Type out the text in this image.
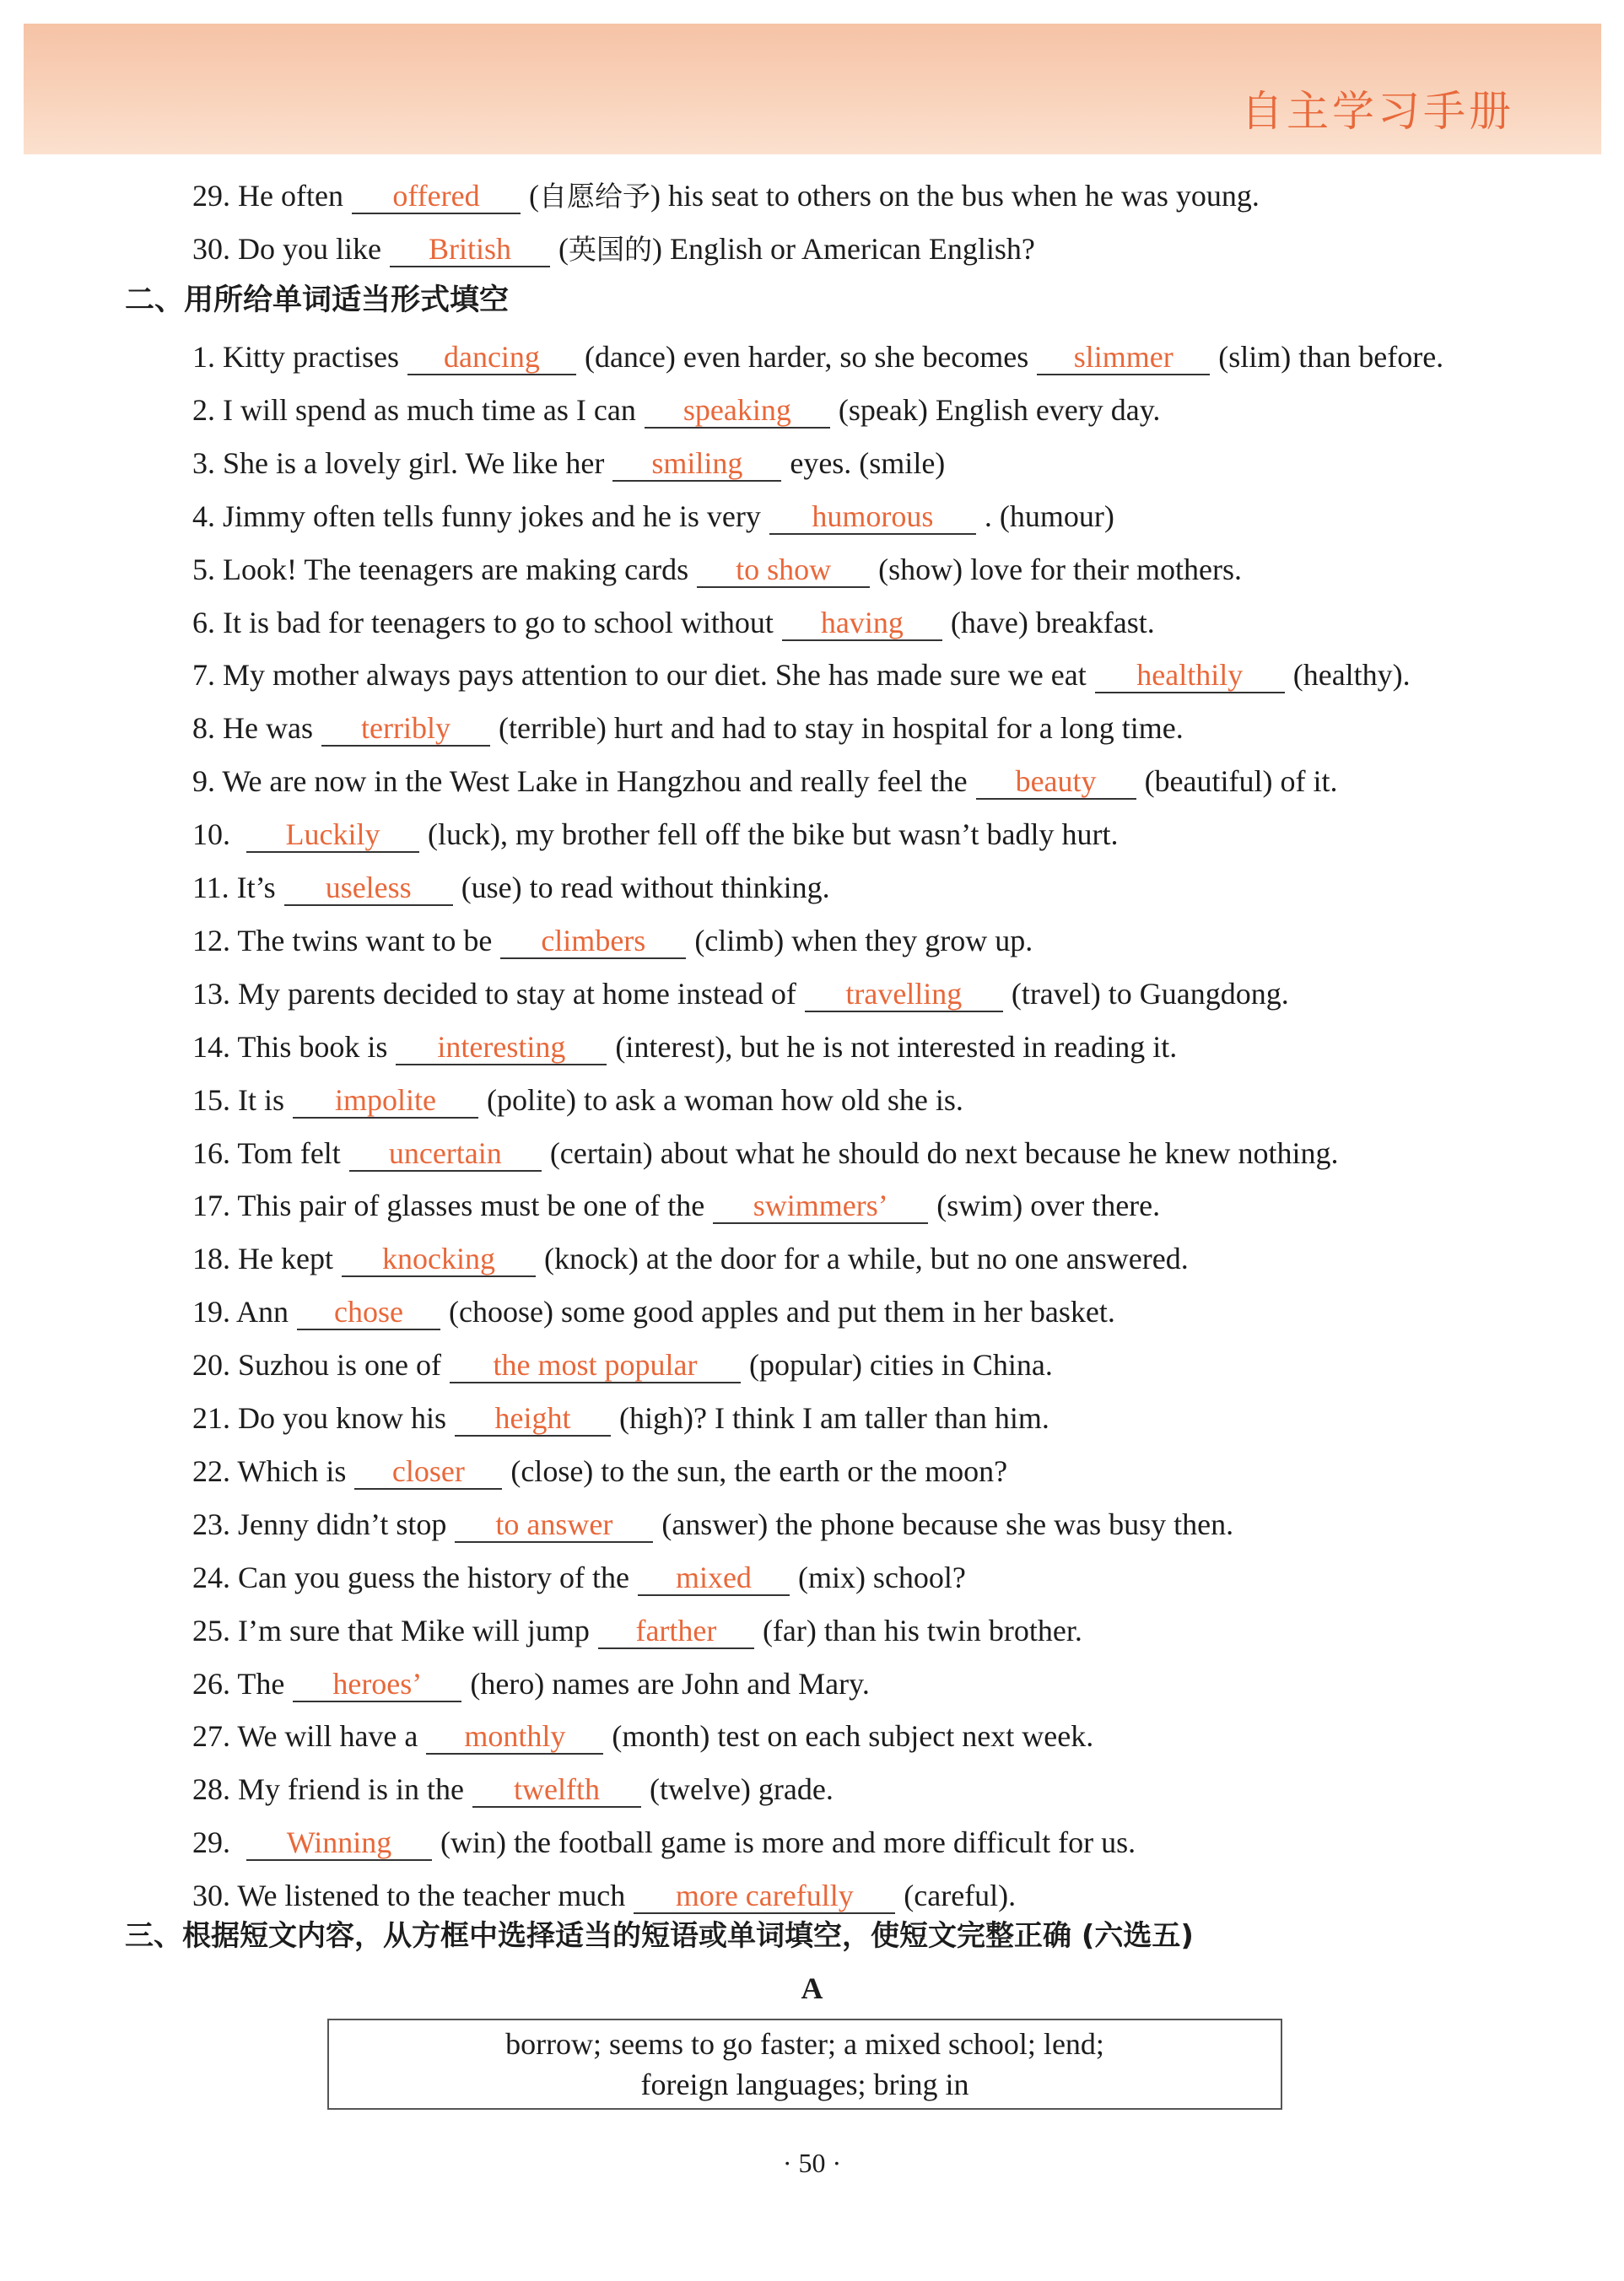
自主学习手册
29. He often offered (自愿给予) his seat to others on the bus when he was young.
30. Do you like British (英国的) English or American English?
二、用所给单词适当形式填空
1. Kitty practises dancing (dance) even harder, so she becomes slimmer (slim) than before.
2. I will spend as much time as I can speaking (speak) English every day.
3. She is a lovely girl. We like her smiling eyes. (smile)
4. Jimmy often tells funny jokes and he is very humorous . (humour)
5. Look! The teenagers are making cards to show (show) love for their mothers.
6. It is bad for teenagers to go to school without having (have) breakfast.
7. My mother always pays attention to our diet. She has made sure we eat healthily (healthy).
8. He was terribly (terrible) hurt and had to stay in hospital for a long time.
9. We are now in the West Lake in Hangzhou and really feel the beauty (beautiful) of it.
10. Luckily (luck), my brother fell off the bike but wasn’t badly hurt.
11. It’s useless (use) to read without thinking.
12. The twins want to be climbers (climb) when they grow up.
13. My parents decided to stay at home instead of travelling (travel) to Guangdong.
14. This book is interesting (interest), but he is not interested in reading it.
15. It is impolite (polite) to ask a woman how old she is.
16. Tom felt uncertain (certain) about what he should do next because he knew nothing.
17. This pair of glasses must be one of the swimmers’ (swim) over there.
18. He kept knocking (knock) at the door for a while, but no one answered.
19. Ann chose (choose) some good apples and put them in her basket.
20. Suzhou is one of the most popular (popular) cities in China.
21. Do you know his height (high)? I think I am taller than him.
22. Which is closer (close) to the sun, the earth or the moon?
23. Jenny didn’t stop to answer (answer) the phone because she was busy then.
24. Can you guess the history of the mixed (mix) school?
25. I’m sure that Mike will jump farther (far) than his twin brother.
26. The heroes’ (hero) names are John and Mary.
27. We will have a monthly (month) test on each subject next week.
28. My friend is in the twelfth (twelve) grade.
29. Winning (win) the football game is more and more difficult for us.
30. We listened to the teacher much more carefully (careful).
三、根据短文内容，从方框中选择适当的短语或单词填空，使短文完整正确 (六选五)
A
borrow; seems to go faster; a mixed school; lend;
foreign languages; bring in
· 50 ·
